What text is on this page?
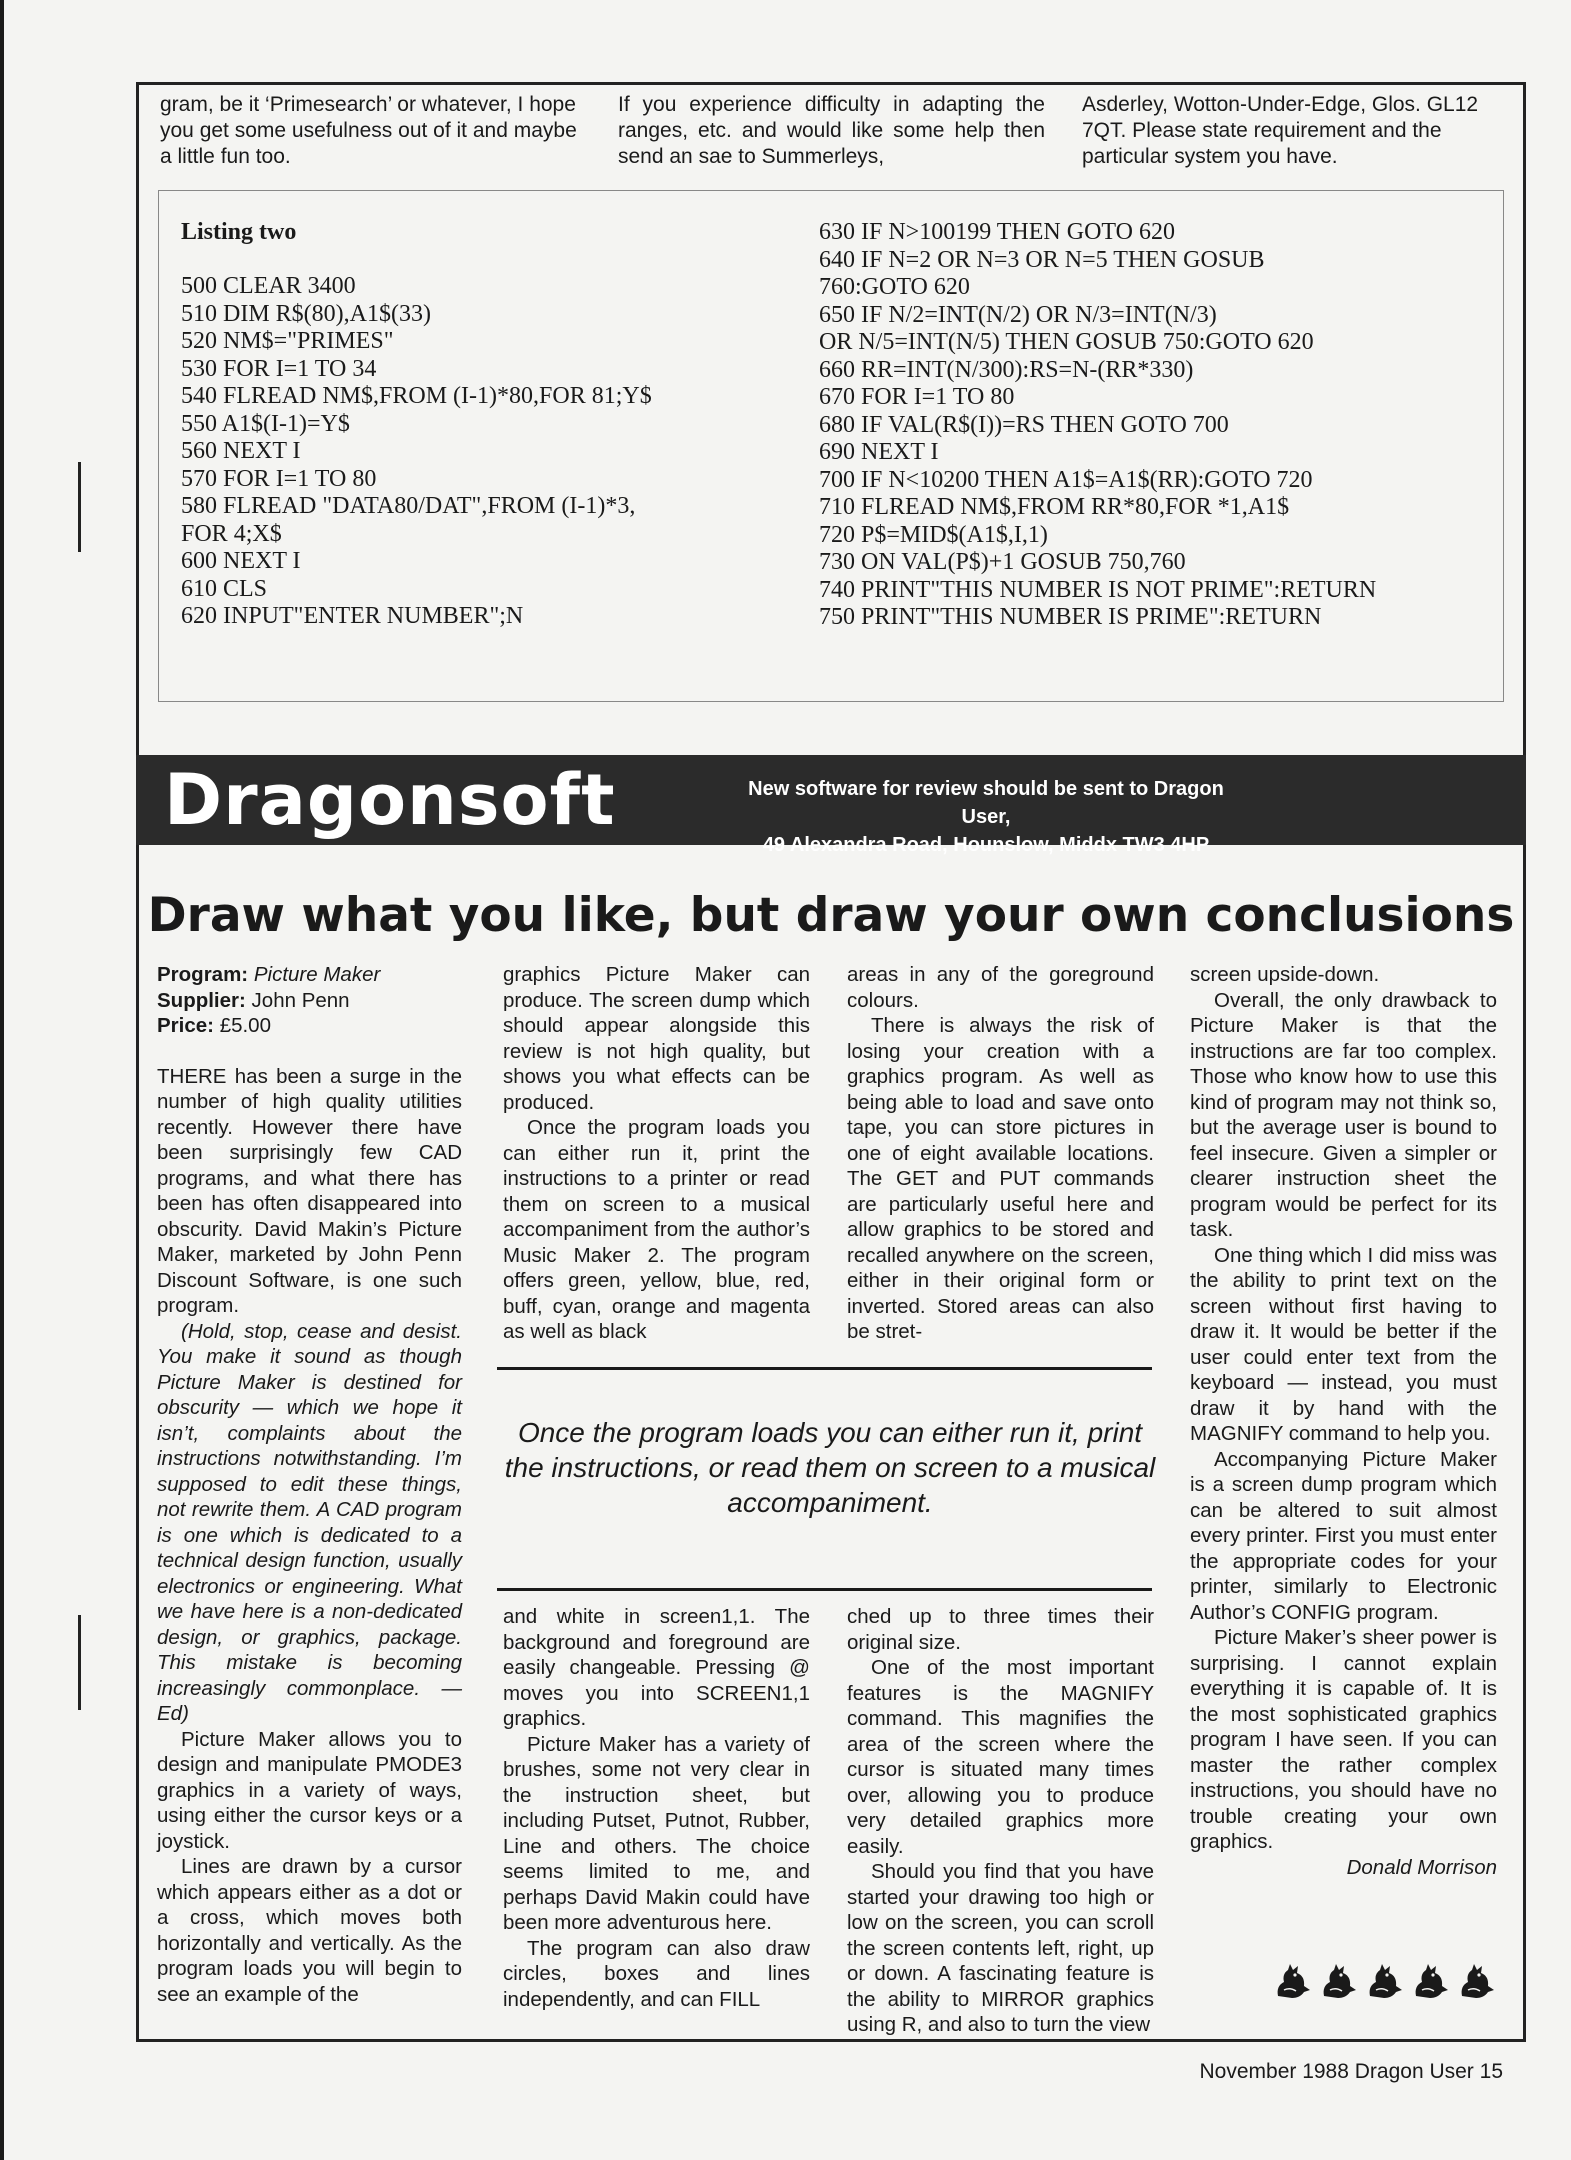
gram, be it ‘Primesearch’ or whatever, I hope you get some usefulness out of it and maybe a little fun too.
If you experience difficulty in adapting the ranges, etc. and would like some help then send an sae to Summerleys,
Asderley, Wotton-Under-Edge, Glos. GL12 7QT. Please state requirement and the particular system you have.
Listing two
500 CLEAR 3400
510 DIM R$(80),A1$(33)
520 NM$="PRIMES"
530 FOR I=1 TO 34
540 FLREAD NM$,FROM (I-1)*80,FOR 81;Y$
550 A1$(I-1)=Y$
560 NEXT I
570 FOR I=1 TO 80
580 FLREAD "DATA80/DAT",FROM (I-1)*3,
FOR 4;X$
600 NEXT I
610 CLS
620 INPUT"ENTER NUMBER";N
630 IF N>100199 THEN GOTO 620
640 IF N=2 OR N=3 OR N=5 THEN GOSUB
760:GOTO 620
650 IF N/2=INT(N/2) OR N/3=INT(N/3)
OR N/5=INT(N/5) THEN GOSUB 750:GOTO 620
660 RR=INT(N/300):RS=N-(RR*330)
670 FOR I=1 TO 80
680 IF VAL(R$(I))=RS THEN GOTO 700
690 NEXT I
700 IF N<10200 THEN A1$=A1$(RR):GOTO 720
710 FLREAD NM$,FROM RR*80,FOR *1,A1$
720 P$=MID$(A1$,I,1)
730 ON VAL(P$)+1 GOSUB 750,760
740 PRINT"THIS NUMBER IS NOT PRIME":RETURN
750 PRINT"THIS NUMBER IS PRIME":RETURN
Dragonsoft	New software for review should be sent to Dragon User,
49 Alexandra Road, Hounslow, Middx TW3 4HP
Draw what you like, but draw your own conclusions

Program: Picture Maker
Supplier: John Penn
Price: £5.00

THERE has been a surge in the number of high quality utilities recently. However there have been surprisingly few CAD programs, and what there has been has often disappeared into obscurity. David Makin’s Picture Maker, marketed by John Penn Discount Software, is one such program.

(Hold, stop, cease and desist. You make it sound as though Picture Maker is destined for obscurity — which we hope it isn’t, complaints about the instructions notwithstanding. I’m supposed to edit these things, not rewrite them. A CAD program is one which is dedicated to a technical design function, usually electronics or engineering. What we have here is a non-dedicated design, or graphics, package. This mistake is becoming increasingly commonplace. —Ed)

Picture Maker allows you to design and manipulate PMODE3 graphics in a variety of ways, using either the cursor keys or a joystick.

Lines are drawn by a cursor which appears either as a dot or a cross, which moves both horizontally and vertically. As the program loads you will begin to see an example of the

graphics Picture Maker can produce. The screen dump which should appear alongside this review is not high quality, but shows you what effects can be produced.

Once the program loads you can either run it, print the instructions to a printer or read them on screen to a musical accompaniment from the author’s Music Maker 2. The program offers green, yellow, blue, red, buff, cyan, orange and magenta as well as black

areas in any of the goreground colours.

There is always the risk of losing your creation with a graphics program. As well as being able to load and save onto tape, you can store pictures in one of eight available locations. The GET and PUT commands are particularly useful here and allow graphics to be stored and recalled anywhere on the screen, either in their original form or inverted. Stored areas can also be stret-

Once the program loads you can either run it, print the instructions, or read them on screen to a musical accompaniment.

and white in screen1,1. The background and foreground are easily changeable. Pressing @ moves you into SCREEN1,1 graphics.

Picture Maker has a variety of brushes, some not very clear in the instruction sheet, but including Putset, Putnot, Rubber, Line and others. The choice seems limited to me, and perhaps David Makin could have been more adventurous here.

The program can also draw circles, boxes and lines independently, and can FILL

ched up to three times their original size.

One of the most important features is the MAGNIFY command. This magnifies the area of the screen where the cursor is situated many times over, allowing you to produce very detailed graphics more easily.

Should you find that you have started your drawing too high or low on the screen, you can scroll the screen contents left, right, up or down. A fascinating feature is the ability to MIRROR graphics using R, and also to turn the view

screen upside-down.

Overall, the only drawback to Picture Maker is that the instructions are far too complex. Those who know how to use this kind of program may not think so, but the average user is bound to feel insecure. Given a simpler or clearer instruction sheet the program would be perfect for its task.

One thing which I did miss was the ability to print text on the screen without first having to draw it. It would be better if the user could enter text from the keyboard — instead, you must draw it by hand with the MAGNIFY command to help you.

Accompanying Picture Maker is a screen dump program which can be altered to suit almost every printer. First you must enter the appropriate codes for your printer, similarly to Electronic Author’s CONFIG program.

Picture Maker’s sheer power is surprising. I cannot explain everything it is capable of. It is the most sophisticated graphics program I have seen. If you can master the rather complex instructions, you should have no trouble creating your own graphics.

Donald Morrison

November 1988 Dragon User 15
